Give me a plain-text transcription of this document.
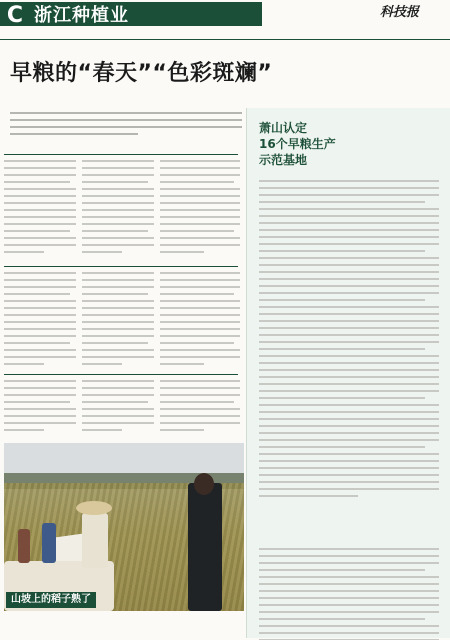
C 浙江种植业	科技报
早粮的“春天”“色彩斑斓”
萧山认定
16个早粮生产
示范基地
山坡上的稻子熟了
